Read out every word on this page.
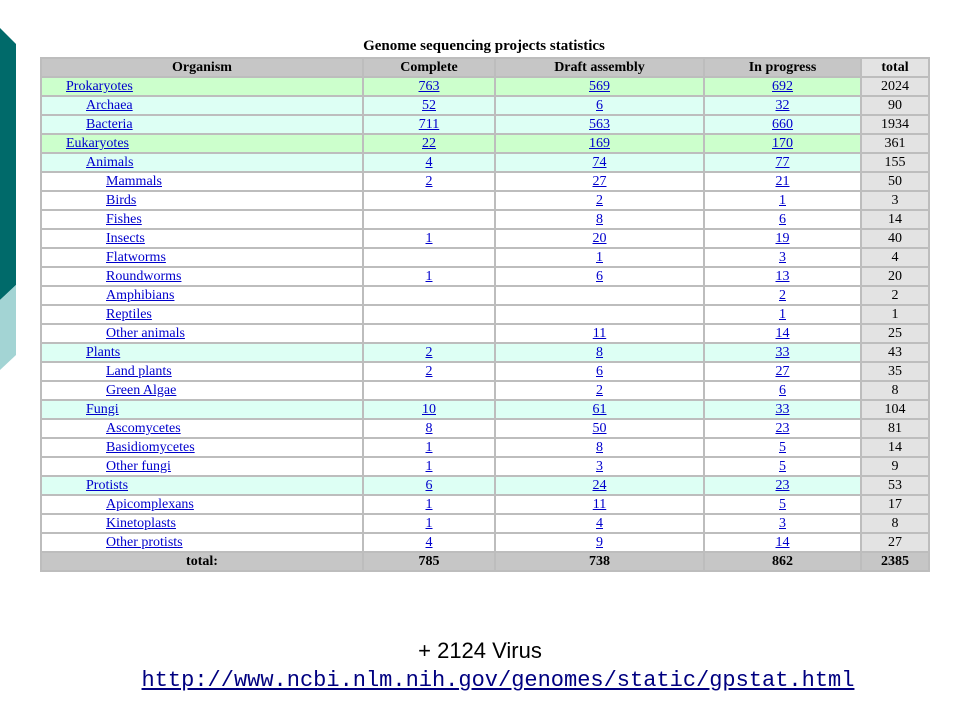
Genome sequencing projects statistics
Organism	Complete	Draft assembly	In progress	total
Prokaryotes	763	569	692	2024
Archaea	52	6	32	90
Bacteria	711	563	660	1934
Eukaryotes	22	169	170	361
Animals	4	74	77	155
Mammals	2	27	21	50
Birds		2	1	3
Fishes		8	6	14
Insects	1	20	19	40
Flatworms		1	3	4
Roundworms	1	6	13	20
Amphibians			2	2
Reptiles			1	1
Other animals		11	14	25
Plants	2	8	33	43
Land plants	2	6	27	35
Green Algae		2	6	8
Fungi	10	61	33	104
Ascomycetes	8	50	23	81
Basidiomycetes	1	8	5	14
Other fungi	1	3	5	9
Protists	6	24	23	53
Apicomplexans	1	11	5	17
Kinetoplasts	1	4	3	8
Other protists	4	9	14	27
total:	785	738	862	2385
+ 2124 Virus
http://www.ncbi.nlm.nih.gov/genomes/static/gpstat.html
